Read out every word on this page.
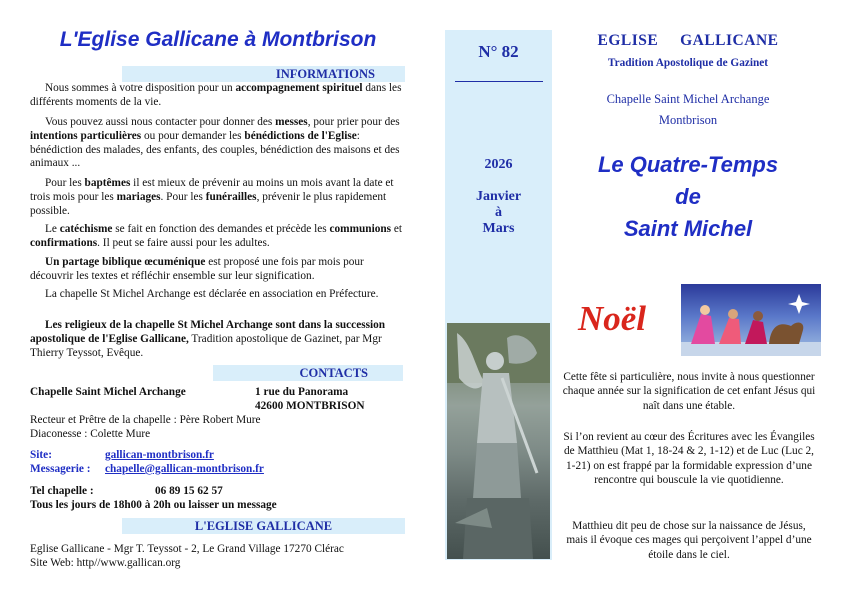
L'Eglise Gallicane à Montbrison
INFORMATIONS
Nous sommes à votre disposition pour un accompagnement spirituel dans les différents moments de la vie.
Vous pouvez aussi nous contacter pour donner des messes, pour prier pour des intentions particulières ou pour demander les bénédictions de l'Eglise: bénédiction des malades, des enfants, des couples, bénédiction des maisons et des animaux ...
Pour les baptêmes il est mieux de prévenir au moins un mois avant la date et trois mois pour les mariages. Pour les funérailles, prévenir le plus rapidement possible.
Le catéchisme se fait en fonction des demandes et précède les communions et confirmations. Il peut se faire aussi pour les adultes.
Un partage biblique œcuménique est proposé une fois par mois pour découvrir les textes et réfléchir ensemble sur leur signification.
La chapelle St Michel Archange est déclarée en association en Préfecture.
Les religieux de la chapelle St Michel Archange sont dans la succession apostolique de l'Eglise Gallicane, Tradition apostolique de Gazinet, par Mgr Thierry Teyssot, Evêque.
CONTACTS
Chapelle Saint Michel Archange	1 rue du Panorama
42600 MONTBRISON
Recteur et Prêtre de la chapelle : Père Robert Mure
Diaconesse : Colette Mure
Site:	gallican-montbrison.fr
Messagerie :	chapelle@gallican-montbrison.fr
Tel chapelle :	06 89 15 62 57
Tous les jours de 18h00 à 20h ou laisser un message
L'EGLISE GALLICANE
Eglise Gallicane - Mgr T. Teyssot - 2, Le Grand Village 17270 Clérac
Site Web: http//www.gallican.org
N° 82
2026
Janvier
à
Mars
EGLISE     GALLICANE
Tradition Apostolique de Gazinet
Chapelle Saint Michel Archange
Montbrison
Le Quatre-Temps
de
Saint Michel
Noël
Cette fête si particulière, nous invite à nous questionner chaque année sur la signification de cet enfant Jésus qui naît dans une étable.
Si l’on revient au cœur des Écritures avec les Évangiles de Matthieu (Mat 1, 18-24 & 2, 1-12) et de Luc (Luc 2, 1-21) on est frappé par la formidable expression d’une rencontre qui bouscule la vie quotidienne.
Matthieu dit peu de chose sur la naissance de Jésus, mais il évoque ces mages qui perçoivent l’appel d’une étoile dans le ciel.
